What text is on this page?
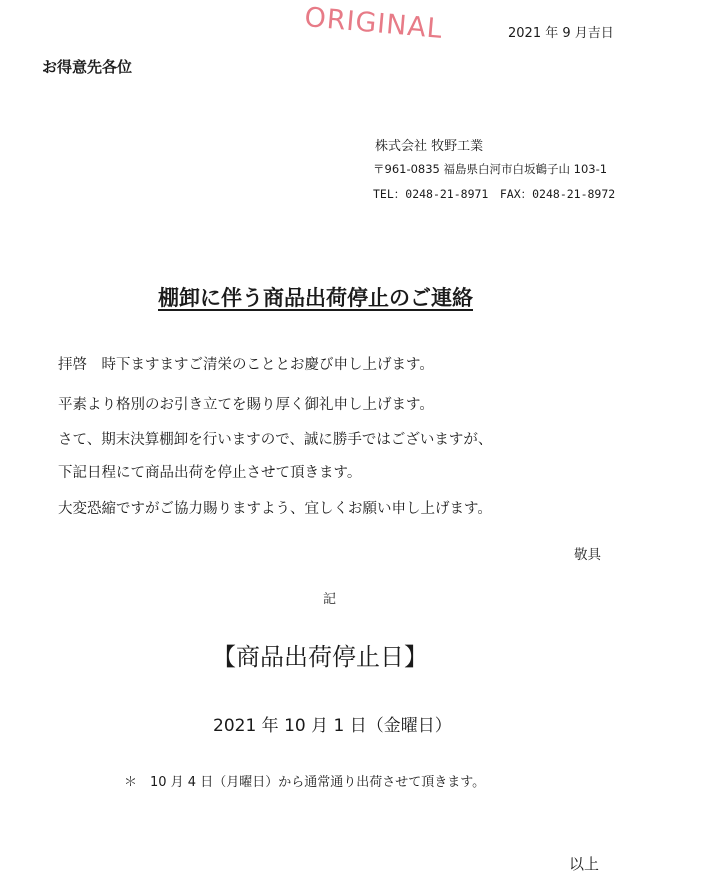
ORIGINAL	2021 年 9 月吉日
お得意先各位
株式会社 牧野工業
〒961-0835 福島県白河市白坂鶴子山 103-1
TEL：0248-21-8971　FAX：0248-21-8972
棚卸に伴う商品出荷停止のご連絡
拝啓　時下ますますご清栄のこととお慶び申し上げます。
平素より格別のお引き立てを賜り厚く御礼申し上げます。
さて、期末決算棚卸を行いますので、誠に勝手ではございますが、
下記日程にて商品出荷を停止させて頂きます。
大変恐縮ですがご協力賜りますよう、宜しくお願い申し上げます。
敬具
記
【商品出荷停止日】
2021 年 10 月 1 日（金曜日）
＊　10 月 4 日（月曜日）から通常通り出荷させて頂きます。
以上
